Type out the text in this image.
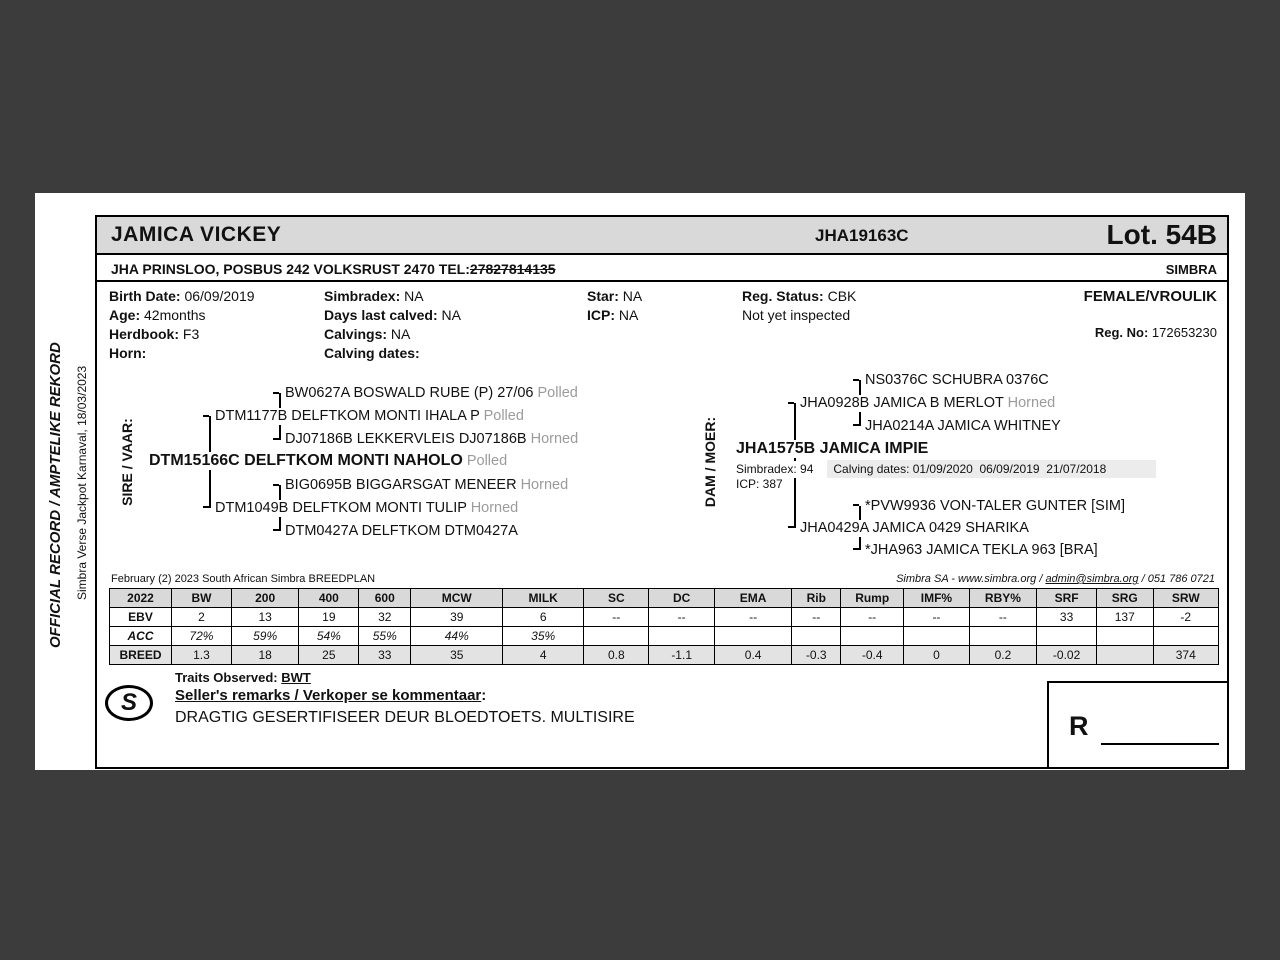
OFFICIAL RECORD / AMPTELIKE REKORD Simbra Verse Jackpot Karnaval, 18/03/2023
JAMICA VICKEY	JHA19163C	Lot. 54B
JHA PRINSLOO, POSBUS 242 VOLKSRUST 2470 TEL:27827814135	SIMBRA
Birth Date: 06/09/2019
Age: 42months
Herdbook: F3
Horn:
Simbradex: NA
Days last calved: NA
Calvings: NA
Calving dates:
Star: NA
ICP: NA
Reg. Status: CBK
Not yet inspected
FEMALE/VROULIK
Reg. No: 172653230
SIRE / VAAR:
BW0627A BOSWALD RUBE (P) 27/06 Polled
DTM1177B DELFTKOM MONTI IHALA P Polled
DJ07186B LEKKERVLEIS DJ07186B Horned
DTM15166C DELFTKOM MONTI NAHOLO Polled
BIG0695B BIGGARSGAT MENEER Horned
DTM1049B DELFTKOM MONTI TULIP Horned
DTM0427A DELFTKOM DTM0427A
DAM / MOER:
NS0376C SCHUBRA 0376C
JHA0928B JAMICA B MERLOT Horned
JHA0214A JAMICA WHITNEY
JHA1575B JAMICA IMPIE
Simbradex: 94 Calving dates: 01/09/2020  06/09/2019  21/07/2018
ICP: 387
*PVW9936 VON-TALER GUNTER [SIM]
JHA0429A JAMICA 0429 SHARIKA
*JHA963 JAMICA TEKLA 963 [BRA]
February (2) 2023 South African Simbra BREEDPLAN	Simbra SA - www.simbra.org / admin@simbra.org / 051 786 0721
2022	BW	200	400	600	MCW	MILK	SC	DC	EMA	Rib	Rump	IMF%	RBY%	SRF	SRG	SRW
EBV	2	13	19	32	39	6	--	--	--	--	--	--	--	33	137	-2
ACC	72%	59%	54%	55%	44%	35%										
BREED	1.3	18	25	33	35	4	0.8	-1.1	0.4	-0.3	-0.4	0	0.2	-0.02		374
S
Traits Observed: BWT
Seller's remarks / Verkoper se kommentaar:
DRAGTIG GESERTIFISEER DEUR BLOEDTOETS. MULTISIRE	R
